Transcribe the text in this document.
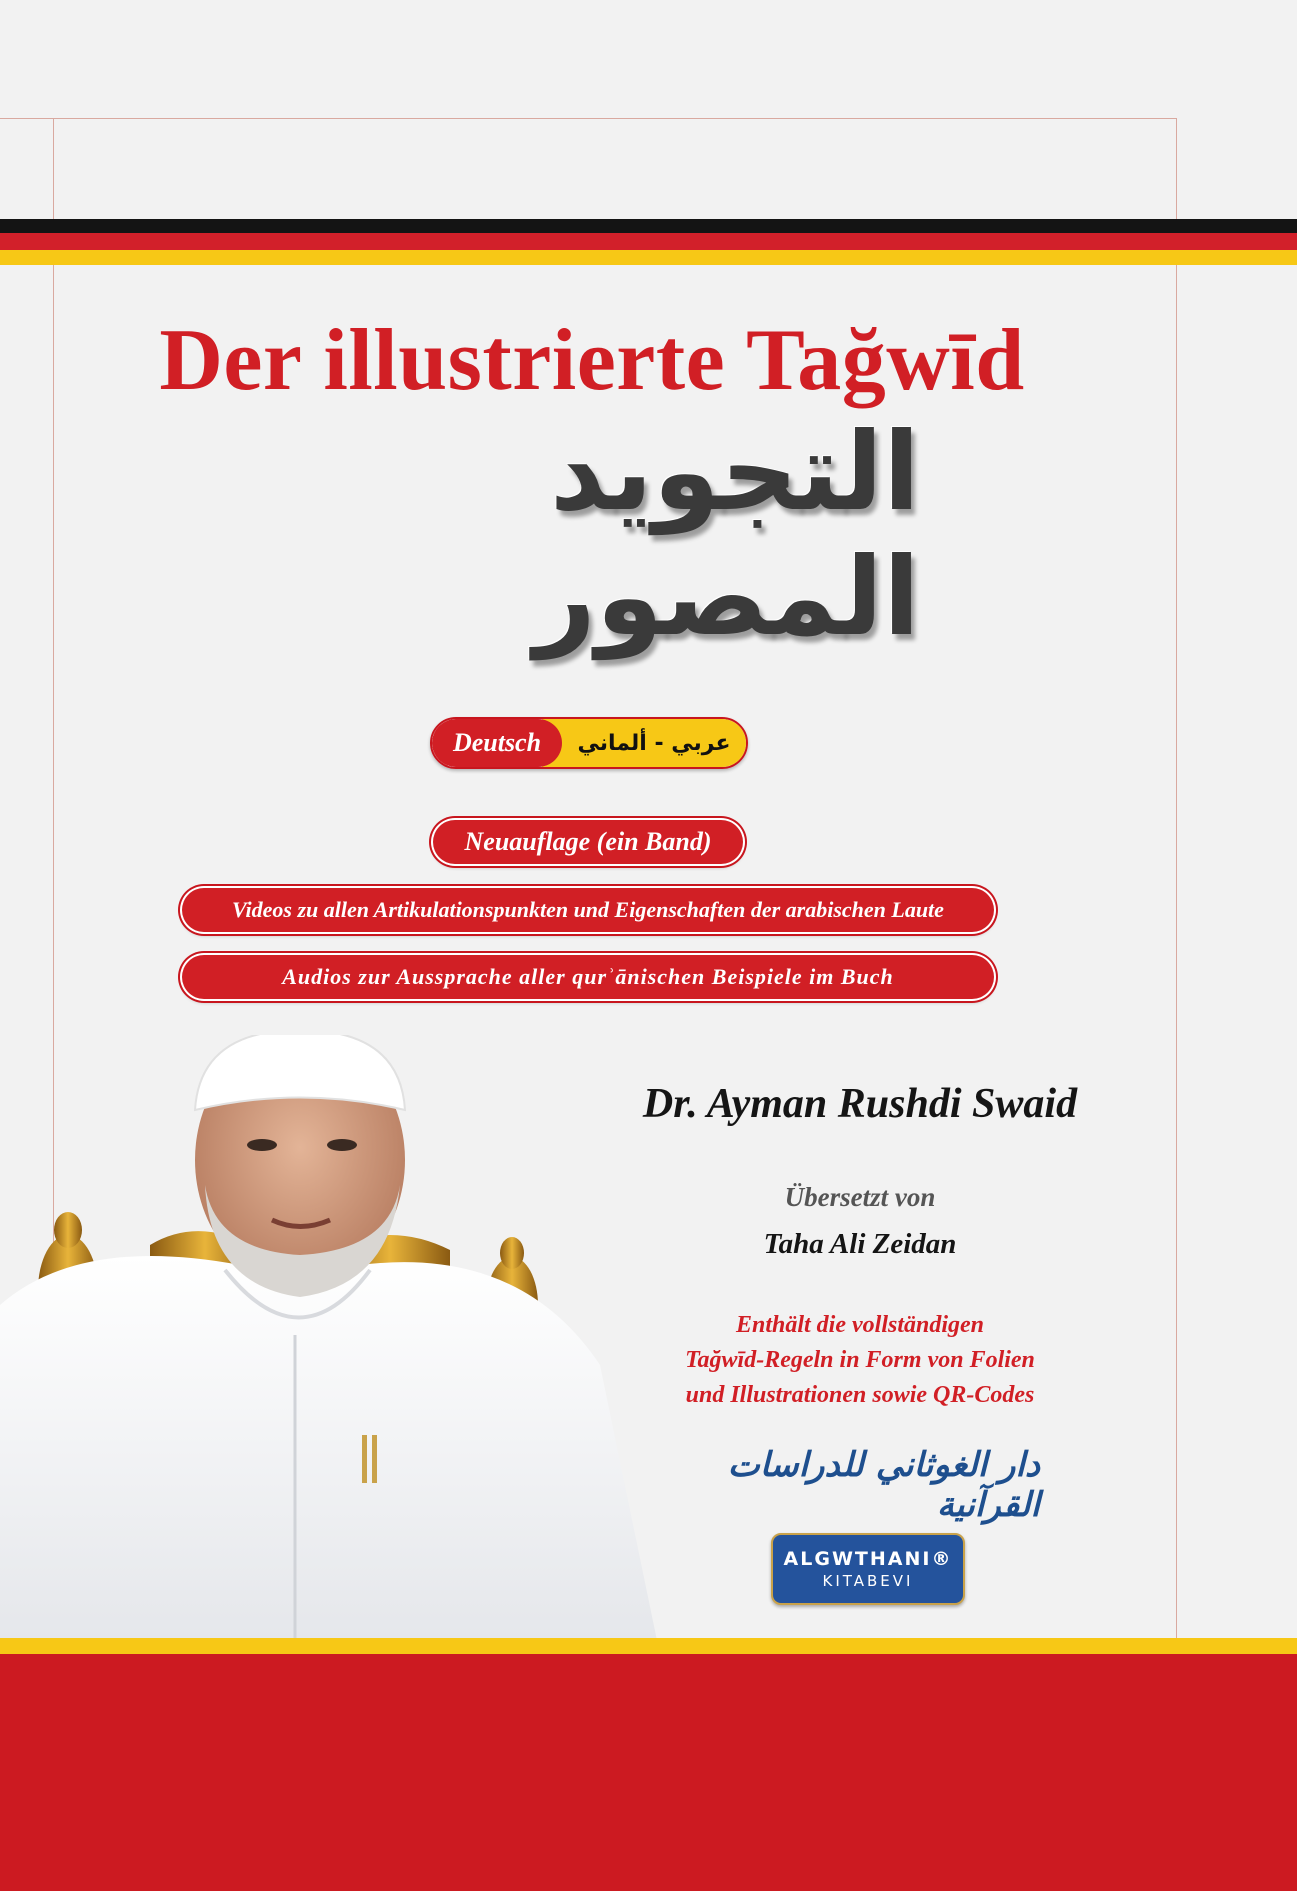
Der illustrierte Tağwīd
التجويد المصور
Deutsch	عربي - ألماني
Neuauflage (ein Band)
Videos zu allen Artikulationspunkten und Eigenschaften der arabischen Laute
Audios zur Aussprache aller qurʾānischen Beispiele im Buch
Dr. Ayman Rushdi Swaid
Übersetzt von
Taha Ali Zeidan
Enthält die vollständigen
Tağwīd-Regeln in Form von Folien
und Illustrationen sowie QR-Codes
دار الغوثاني للدراسات القرآنية
ALGWTHANI®
KITABEVI
